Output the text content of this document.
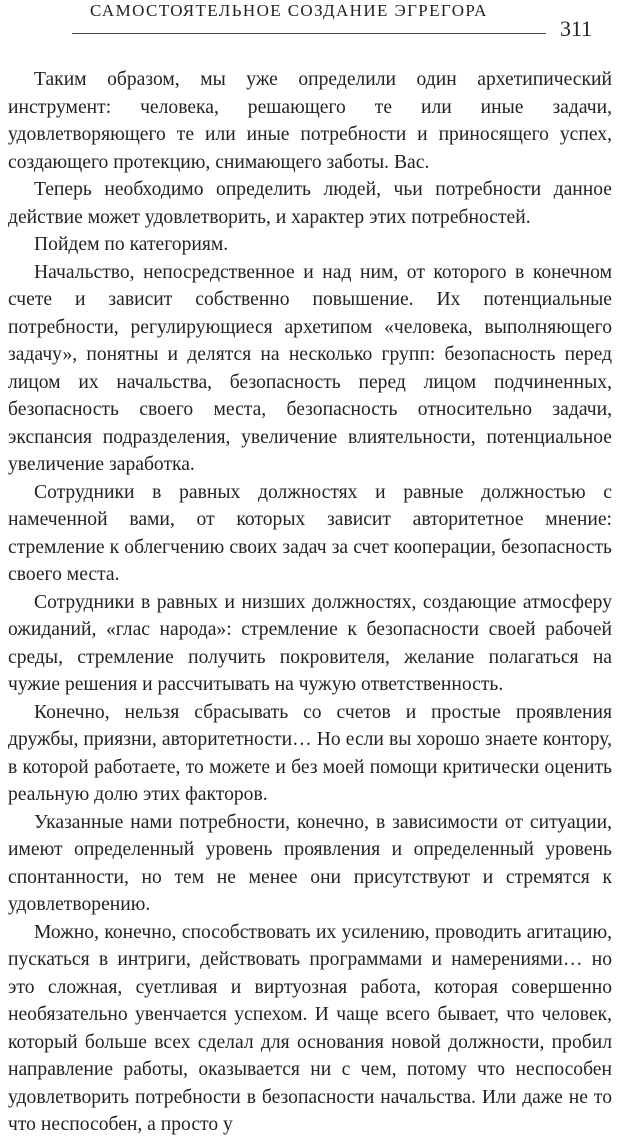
САМОСТОЯТЕЛЬНОЕ СОЗДАНИЕ ЭГРЕГОРА
311

Таким образом, мы уже определили один архетипический инструмент: человека, решающего те или иные задачи, удовлетворяющего те или иные потребности и приносящего успех, создающего протекцию, снимающего заботы. Вас.

Теперь необходимо определить людей, чьи потребности данное действие может удовлетворить, и характер этих потребностей.

Пойдем по категориям.

Начальство, непосредственное и над ним, от которого в конечном счете и зависит собственно повышение. Их потенциальные потребности, регулирующиеся архетипом «человека, выполняющего задачу», понятны и делятся на несколько групп: безопасность перед лицом их начальства, безопасность перед лицом подчиненных, безопасность своего места, безопасность относительно задачи, экспансия подразделения, увеличение влиятельности, потенциальное увеличение заработка.

Сотрудники в равных должностях и равные должностью с намеченной вами, от которых зависит авторитетное мнение: стремление к облегчению своих задач за счет кооперации, безопасность своего места.

Сотрудники в равных и низших должностях, создающие атмосферу ожиданий, «глас народа»: стремление к безопасности своей рабочей среды, стремление получить покровителя, желание полагаться на чужие решения и рассчитывать на чужую ответственность.

Конечно, нельзя сбрасывать со счетов и простые проявления дружбы, приязни, авторитетности… Но если вы хорошо знаете контору, в которой работаете, то можете и без моей помощи критически оценить реальную долю этих факторов.

Указанные нами потребности, конечно, в зависимости от ситуации, имеют определенный уровень проявления и определенный уровень спонтанности, но тем не менее они присутствуют и стремятся к удовлетворению.

Можно, конечно, способствовать их усилению, проводить агитацию, пускаться в интриги, действовать программами и намерениями… но это сложная, суетливая и виртуозная работа, которая совершенно необязательно увенчается успехом. И чаще всего бывает, что человек, который больше всех сделал для основания новой должности, пробил направление работы, оказывается ни с чем, потому что неспособен удовлетворить потребности в безопасности начальства. Или даже не то что неспособен, а просто у
